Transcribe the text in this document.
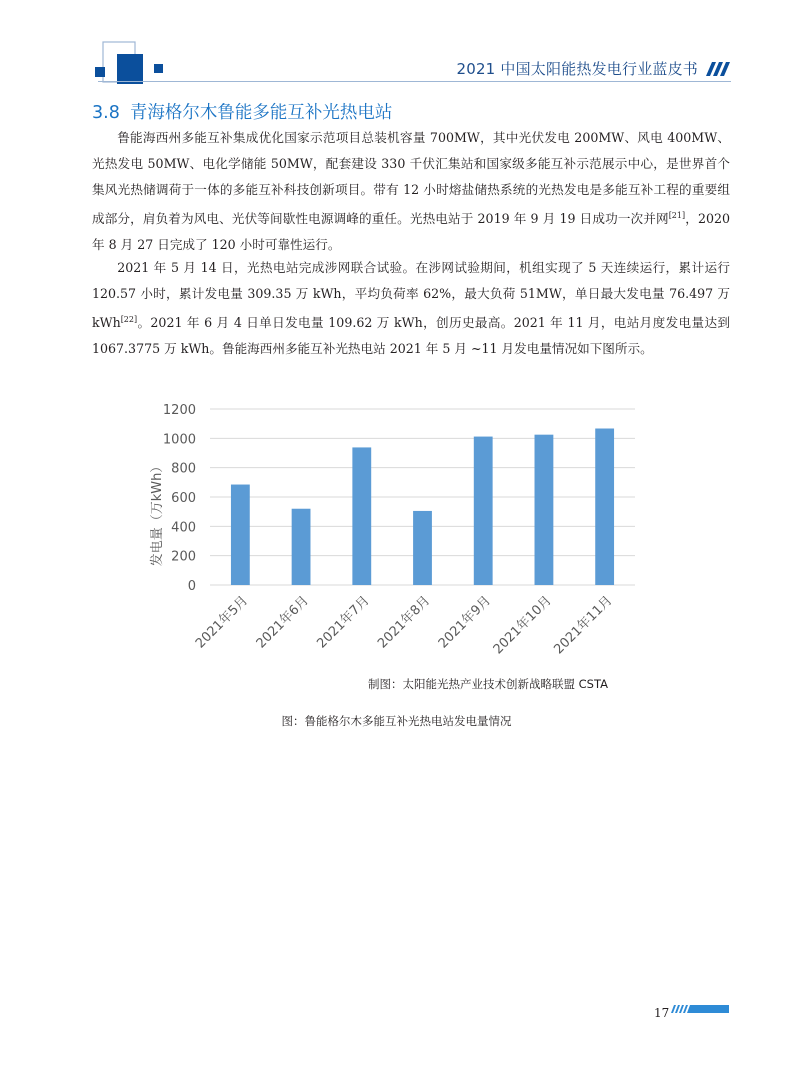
2021 中国太阳能热发电行业蓝皮书
3.8 青海格尔木鲁能多能互补光热电站

鲁能海西州多能互补集成优化国家示范项目总装机容量 700MW，其中光伏发电 200MW、风电 400MW、光热发电 50MW、电化学储能 50MW，配套建设 330 千伏汇集站和国家级多能互补示范展示中心，是世界首个集风光热储调荷于一体的多能互补科技创新项目。带有 12 小时熔盐储热系统的光热发电是多能互补工程的重要组成部分，肩负着为风电、光伏等间歇性电源调峰的重任。光热电站于 2019 年 9 月 19 日成功一次并网[21]，2020 年 8 月 27 日完成了 120 小时可靠性运行。

2021 年 5 月 14 日，光热电站完成涉网联合试验。在涉网试验期间，机组实现了 5 天连续运行，累计运行 120.57 小时，累计发电量 309.35 万 kWh，平均负荷率 62%，最大负荷 51MW，单日最大发电量 76.497 万 kWh[22]。2021 年 6 月 4 日单日发电量 109.62 万 kWh，创历史最高。2021 年 11 月，电站月度发电量达到 1067.3775 万 kWh。鲁能海西州多能互补光热电站 2021 年 5 月 ~11 月发电量情况如下图所示。

0
200
400
600
800
1000
1200
2021年5月 2021年6月 2021年7月 2021年8月 2021年9月
2021年10月
2021年11月
发电量（万kWh）
制图：太阳能光热产业技术创新战略联盟 CSTA
图：鲁能格尔木多能互补光热电站发电量情况
17
